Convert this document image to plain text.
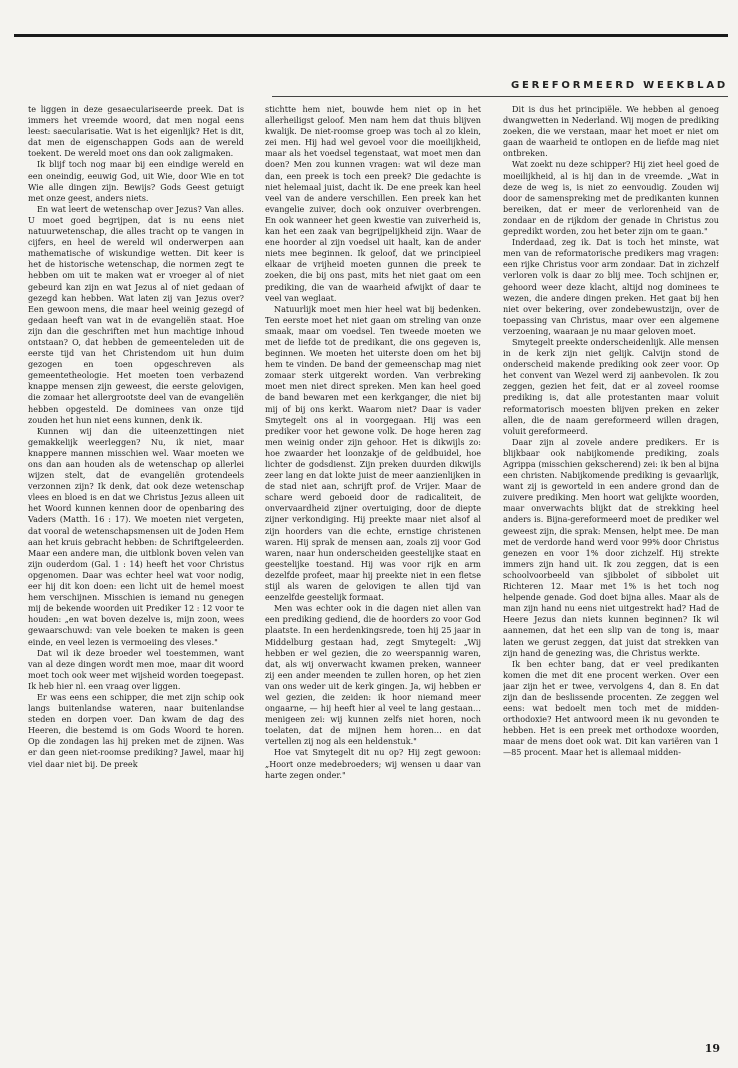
GEREFORMEERD WEEKBLAD

te liggen in deze gesaeculariseerde preek. Dat is immers het vreemde woord, dat men nogal eens leest: saecularisatie. Wat is het eigenlijk? Het is dit, dat men de eigenschappen Gods aan de wereld toekent. De wereld moet ons dan ook zaligmaken.

Ik blijf toch nog maar bij een eindige wereld en een oneindig, eeuwig God, uit Wie, door Wie en tot Wie alle dingen zijn. Bewijs? Gods Geest getuigt met onze geest, anders niets.

En wat leert de wetenschap over Jezus? Van alles. U moet goed begrijpen, dat is nu eens niet natuurwetenschap, die alles tracht op te vangen in cijfers, en heel de wereld wil onderwerpen aan mathematische of wiskundige wetten. Dit keer is het de historische wetenschap, die normen zegt te hebben om uit te maken wat er vroeger al of niet gebeurd kan zijn en wat Jezus al of niet gedaan of gezegd kan hebben. Wat laten zij van Jezus over? Een gewoon mens, die maar heel weinig gezegd of gedaan heeft van wat in de evangeliën staat. Hoe zijn dan die geschriften met hun machtige inhoud ontstaan? O, dat hebben de gemeenteleden uit de eerste tijd van het Christendom uit hun duim gezogen en toen opgeschreven als gemeentetheologie. Het moeten toen verbazend knappe mensen zijn geweest, die eerste gelovigen, die zomaar het allergrootste deel van de evangeliën hebben opgesteld. De dominees van onze tijd zouden het hun niet eens kunnen, denk ik.

Kunnen wij dan die uiteenzettingen niet gemakkelijk weerleggen? Nu, ik niet, maar knappere mannen misschien wel. Waar moeten we ons dan aan houden als de wetenschap op allerlei wijzen stelt, dat de evangeliën grotendeels verzonnen zijn? Ik denk, dat ook deze wetenschap vlees en bloed is en dat we Christus Jezus alleen uit het Woord kunnen kennen door de openbaring des Vaders (Matth. 16 : 17). We moeten niet vergeten, dat vooral de wetenschapsmensen uit de Joden Hem aan het kruis gebracht hebben: de Schriftgeleerden. Maar een andere man, die uitblonk boven velen van zijn ouderdom (Gal. 1 : 14) heeft het voor Christus opgenomen. Daar was echter heel wat voor nodig, eer hij dit kon doen: een licht uit de hemel moest hem verschijnen. Misschien is iemand nu genegen mij de bekende woorden uit Prediker 12 : 12 voor te houden: „en wat boven dezelve is, mijn zoon, wees gewaarschuwd: van vele boeken te maken is geen einde, en veel lezen is vermoeiing des vleses."

Dat wil ik deze broeder wel toestemmen, want van al deze dingen wordt men moe, maar dit woord moet toch ook weer met wijsheid worden toegepast. Ik heb hier nl. een vraag over liggen.

Er was eens een schipper, die met zijn schip ook langs buitenlandse wateren, naar buitenlandse steden en dorpen voer. Dan kwam de dag des Heeren, die bestemd is om Gods Woord te horen. Op die zondagen las hij preken met de zijnen. Was er dan geen niet-roomse prediking? Jawel, maar hij viel daar niet bij. De preek

stichtte hem niet, bouwde hem niet op in het allerheiligst geloof. Men nam hem dat thuis blijven kwalijk. De niet-roomse groep was toch al zo klein, zei men. Hij had wel gevoel voor die moeilijkheid, maar als het voedsel tegenstaat, wat moet men dan doen? Men zou kunnen vragen: wat wil deze man dan, een preek is toch een preek? Die gedachte is niet helemaal juist, dacht ik. De ene preek kan heel veel van de andere verschillen. Een preek kan het evangelie zuiver, doch ook onzuiver overbrengen. En ook wanneer het geen kwestie van zuiverheid is, kan het een zaak van begrijpelijkheid zijn. Waar de ene hoorder al zijn voedsel uit haalt, kan de ander niets mee beginnen. Ik geloof, dat we principieel elkaar de vrijheid moeten gunnen die preek te zoeken, die bij ons past, mits het niet gaat om een prediking, die van de waarheid afwijkt of daar te veel van weglaat.

Natuurlijk moet men hier heel wat bij bedenken. Ten eerste moet het niet gaan om streling van onze smaak, maar om voedsel. Ten tweede moeten we met de liefde tot de predikant, die ons gegeven is, beginnen. We moeten het uiterste doen om het bij hem te vinden. De band der gemeenschap mag niet zomaar sterk uitgerekt worden. Van verbreking moet men niet direct spreken. Men kan heel goed de band bewaren met een kerkganger, die niet bij mij of bij ons kerkt. Waarom niet? Daar is vader Smytegelt ons al in voorgegaan. Hij was een prediker voor het gewone volk. De hoge heren zag men weinig onder zijn gehoor. Het is dikwijls zo: hoe zwaarder het loonzakje of de geldbuidel, hoe lichter de godsdienst. Zijn preken duurden dikwijls zeer lang en dat lokte juist de meer aanzienlijken in de stad niet aan, schrijft prof. de Vrijer. Maar de schare werd geboeid door de radicaliteit, de onvervaardheid zijner overtuiging, door de diepte zijner verkondiging. Hij preekte maar niet alsof al zijn hoorders van die echte, ernstige christenen waren. Hij sprak de mensen aan, zoals zij voor God waren, naar hun onderscheiden geestelijke staat en geestelijke toestand. Hij was voor rijk en arm dezelfde profeet, maar hij preekte niet in een fletse stijl als waren de gelovigen te allen tijd van eenzelfde geestelijk formaat.

Men was echter ook in die dagen niet allen van een prediking gediend, die de hoorders zo voor God plaatste. In een herdenkingsrede, toen hij 25 jaar in Middelburg gestaan had, zegt Smytegelt: „Wij hebben er wel gezien, die zo weerspannig waren, dat, als wij onverwacht kwamen preken, wanneer zij een ander meenden te zullen horen, op het zien van ons weder uit de kerk gingen. Ja, wij hebben er wel gezien, die zeiden: ik hoor niemand meer ongaarne, — hij heeft hier al veel te lang gestaan… menigeen zei: wij kunnen zelfs niet horen, noch toelaten, dat de mijnen hem horen… en dat vertellen zij nog als een heldenstuk."

Hoe vat Smytegelt dit nu op? Hij zegt gewoon: „Hoort onze medebroeders; wij wensen u daar van harte zegen onder."

Dit is dus het principiële. We hebben al genoeg dwangwetten in Nederland. Wij mogen de prediking zoeken, die we verstaan, maar het moet er niet om gaan de waarheid te ontlopen en de liefde mag niet ontbreken.

Wat zoekt nu deze schipper? Hij ziet heel goed de moeilijkheid, al is hij dan in de vreemde. „Wat in deze de weg is, is niet zo eenvoudig. Zouden wij door de samenspreking met de predikanten kunnen bereiken, dat er meer de verlorenheid van de zondaar en de rijkdom der genade in Christus zou gepredikt worden, zou het beter zijn om te gaan."

Inderdaad, zeg ik. Dat is toch het minste, wat men van de reformatorische predikers mag vragen: een rijke Christus voor arm zondaar. Dat in zichzelf verloren volk is daar zo blij mee. Toch schijnen er, gehoord weer deze klacht, altijd nog dominees te wezen, die andere dingen preken. Het gaat bij hen niet over bekering, over zondebewustzijn, over de toepassing van Christus, maar over een algemene verzoening, waaraan je nu maar geloven moet.

Smytegelt preekte onderscheidenlijk. Alle mensen in de kerk zijn niet gelijk. Calvijn stond de onderscheid makende prediking ook zeer voor. Op het convent van Wezel werd zij aanbevolen. Ik zou zeggen, gezien het feit, dat er al zoveel roomse prediking is, dat alle protestanten maar voluit reformatorisch moesten blijven preken en zeker allen, die de naam gereformeerd willen dragen, voluit gereformeerd.

Daar zijn al zovele andere predikers. Er is blijkbaar ook nabijkomende prediking, zoals Agrippa (misschien gekscherend) zei: ik ben al bijna een christen. Nabijkomende prediking is gevaarlijk, want zij is geworteld in een andere grond dan de zuivere prediking. Men hoort wat gelijkte woorden, maar onverwachts blijkt dat de strekking heel anders is. Bijna-gereformeerd moet de prediker wel geweest zijn, die sprak: Mensen, helpt mee. De man met de verdorde hand werd voor 99% door Christus genezen en voor 1% door zichzelf. Hij strekte immers zijn hand uit. Ik zou zeggen, dat is een schoolvoorbeeld van sjibbolet of sibbolet uit Richteren 12. Maar met 1% is het toch nog helpende genade. God doet bijna alles. Maar als de man zijn hand nu eens niet uitgestrekt had? Had de Heere Jezus dan niets kunnen beginnen? Ik wil aannemen, dat het een slip van de tong is, maar laten we gerust zeggen, dat juist dat strekken van zijn hand de genezing was, die Christus werkte.

Ik ben echter bang, dat er veel predikanten komen die met dit ene procent werken. Over een jaar zijn het er twee, vervolgens 4, dan 8. En dat zijn dan de beslissende procenten. Ze zeggen wel eens: wat bedoelt men toch met de midden-orthodoxie? Het antwoord meen ik nu gevonden te hebben. Het is een preek met orthodoxe woorden, maar de mens doet ook wat. Dit kan variëren van 1—85 procent. Maar het is allemaal midden-

19
